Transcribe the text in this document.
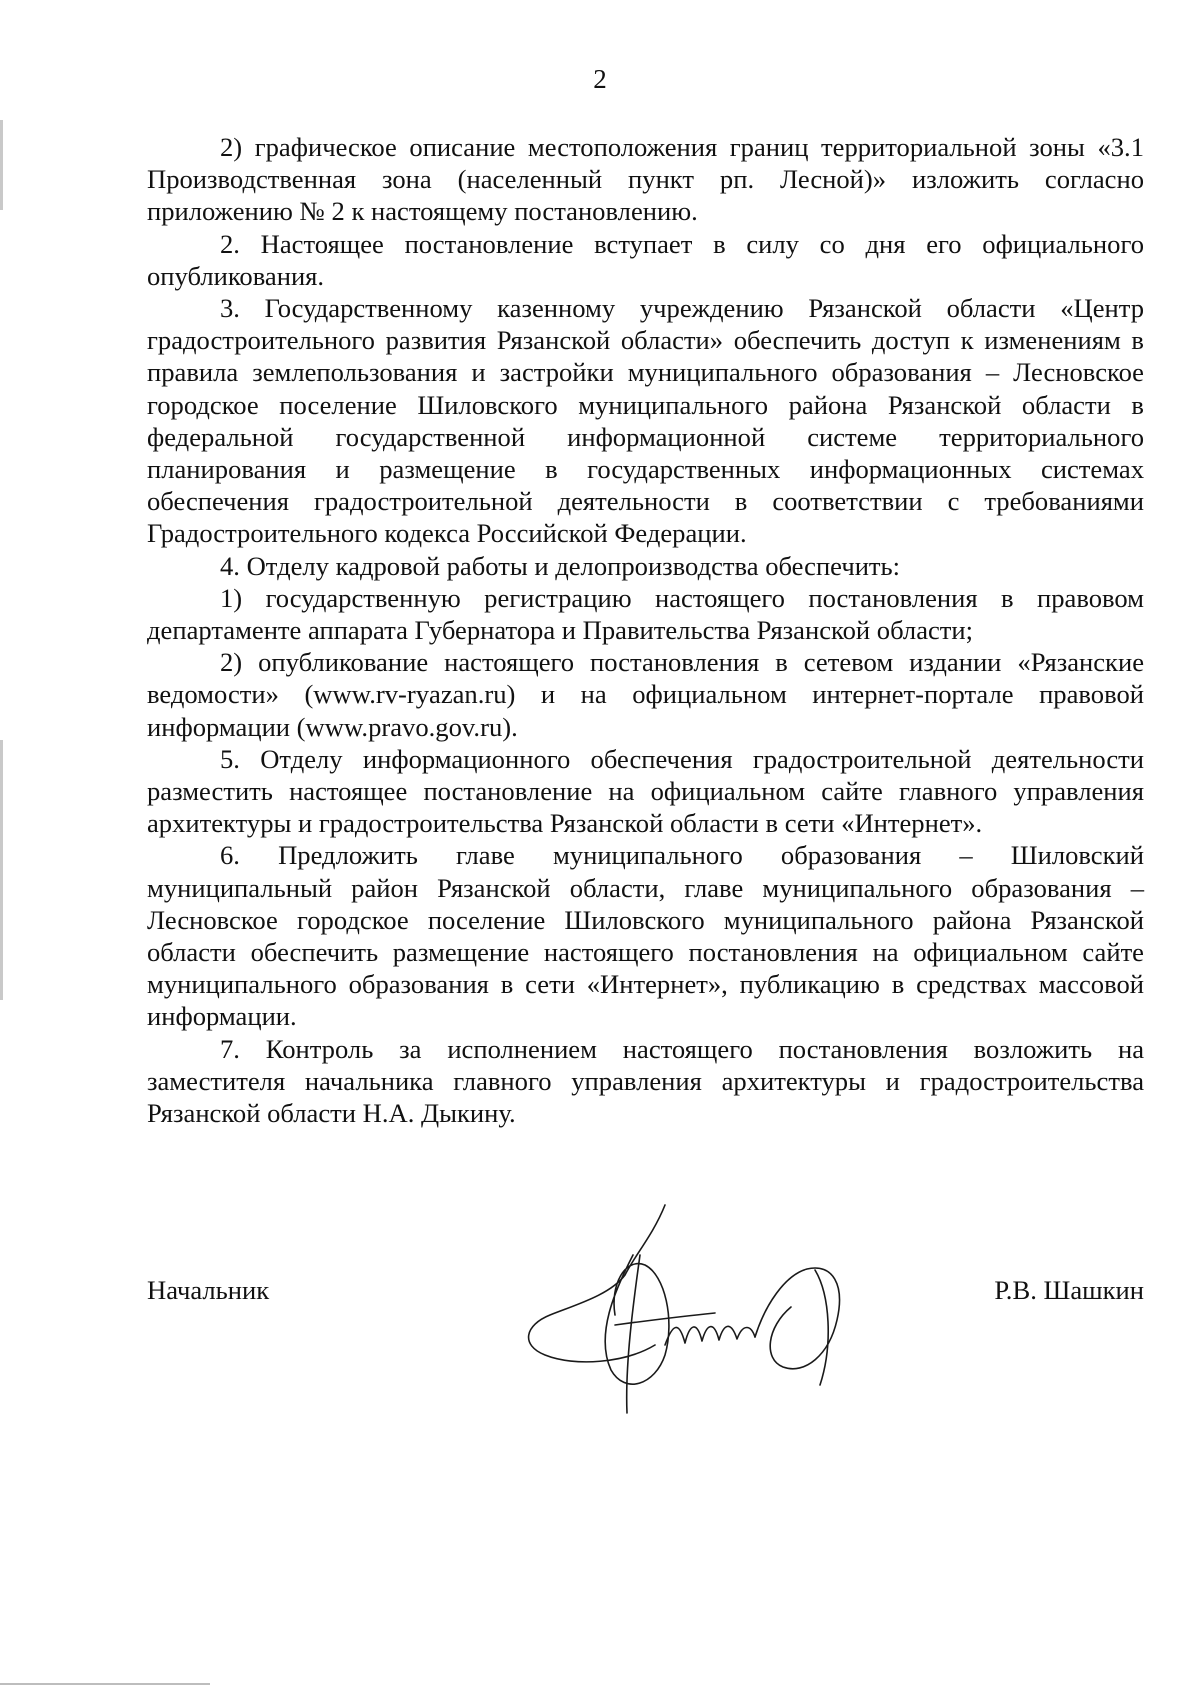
2

2) графическое описание местоположения границ территориальной зоны «3.1 Производственная зона (населенный пункт рп. Лесной)» изложить согласно приложению № 2 к настоящему постановлению.

2. Настоящее постановление вступает в силу со дня его официального опубликования.

3. Государственному казенному учреждению Рязанской области «Центр градостроительного развития Рязанской области» обеспечить доступ к изменениям в правила землепользования и застройки муниципального образования – Лесновское городское поселение Шиловского муниципального района Рязанской области в федеральной государственной информационной системе территориального планирования и размещение в государственных информационных системах обеспечения градостроительной деятельности в соответствии с требованиями Градостроительного кодекса Российской Федерации.

4. Отделу кадровой работы и делопроизводства обеспечить:

1) государственную регистрацию настоящего постановления в правовом департаменте аппарата Губернатора и Правительства Рязанской области;

2) опубликование настоящего постановления в сетевом издании «Рязанские ведомости» (www.rv-ryazan.ru) и на официальном интернет-портале правовой информации (www.pravo.gov.ru).

5. Отделу информационного обеспечения градостроительной деятельности разместить настоящее постановление на официальном сайте главного управления архитектуры и градостроительства Рязанской области в сети «Интернет».

6. Предложить главе муниципального образования – Шиловский муниципальный район Рязанской области, главе муниципального образования – Лесновское городское поселение Шиловского муниципального района Рязанской области обеспечить размещение настоящего постановления на официальном сайте муниципального образования в сети «Интернет», публикацию в средствах массовой информации.

7. Контроль за исполнением настоящего постановления возложить на заместителя начальника главного управления архитектуры и градостроительства Рязанской области Н.А. Дыкину.

Начальник	Р.В. Шашкин
